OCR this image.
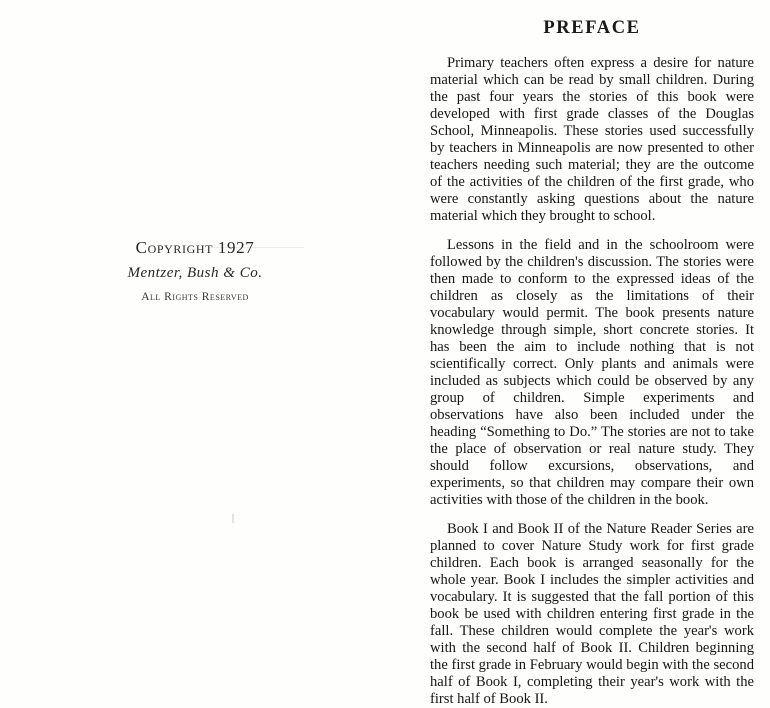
Copyright 1927
Mentzer, Bush & Co.
All Rights Reserved
PREFACE

Primary teachers often express a desire for nature material which can be read by small children. During the past four years the stories of this book were developed with first grade classes of the Douglas School, Minneapolis. These stories used successfully by teachers in Minneapolis are now presented to other teachers needing such material; they are the outcome of the activities of the children of the first grade, who were constantly asking questions about the nature material which they brought to school.

Lessons in the field and in the schoolroom were followed by the children's discussion. The stories were then made to conform to the expressed ideas of the children as closely as the limitations of their vocabulary would permit. The book presents nature knowledge through simple, short concrete stories. It has been the aim to include nothing that is not scientifically correct. Only plants and animals were included as subjects which could be observed by any group of children. Simple experiments and observations have also been included under the heading “Something to Do.” The stories are not to take the place of observation or real nature study. They should follow excursions, observations, and experiments, so that children may compare their own activities with those of the children in the book.

Book I and Book II of the Nature Reader Series are planned to cover Nature Study work for first grade children. Each book is arranged seasonally for the whole year. Book I includes the simpler activities and vocabulary. It is suggested that the fall portion of this book be used with children entering first grade in the fall. These children would complete the year's work with the second half of Book II. Children beginning the first grade in February would begin with the second half of Book I, completing their year's work with the first half of Book II.
